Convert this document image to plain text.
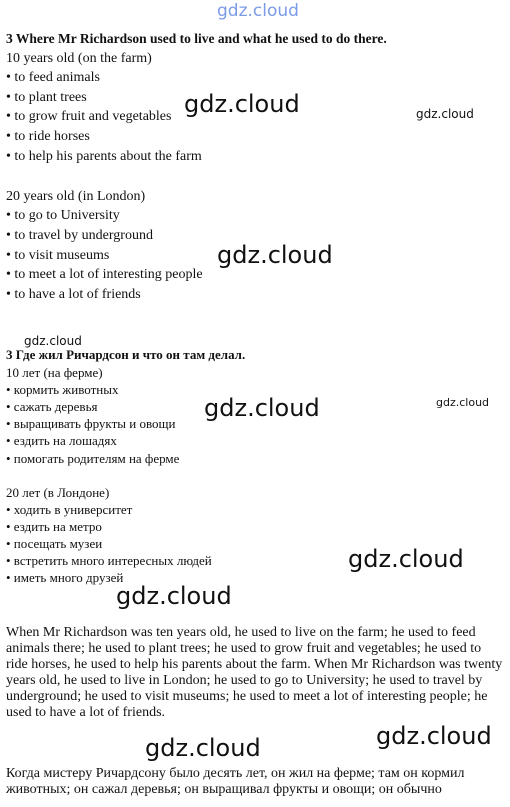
gdz.cloud
3 Where Mr Richardson used to live and what he used to do there.
10 years old (on the farm)
• to feed animals
• to plant trees
• to grow fruit and vegetables
• to ride horses
• to help his parents about the farm
20 years old (in London)
• to go to University
• to travel by underground
• to visit museums
• to meet a lot of interesting people
• to have a lot of friends
3 Где жил Ричардсон и что он там делал.
10 лет (на ферме)
• кормить животных
• сажать деревья
• выращивать фрукты и овощи
• ездить на лошадях
• помогать родителям на ферме
20 лет (в Лондоне)
• ходить в университет
• ездить на метро
• посещать музеи
• встретить много интересных людей
• иметь много друзей
When Mr Richardson was ten years old, he used to live on the farm; he used to feed animals there; he used to plant trees; he used to grow fruit and vegetables; he used to ride horses, he used to help his parents about the farm. When Mr Richardson was twenty years old, he used to live in London; he used to go to University; he used to travel by underground; he used to visit museums; he used to meet a lot of interesting people; he used to have a lot of friends.
Когда мистеру Ричардсону было десять лет, он жил на ферме; там он кормил животных; он сажал деревья; он выращивал фрукты и овощи; он обычно
gdz.cloud	gdz.cloud
gdz.cloud
gdz.cloud
gdz.cloud	gdz.cloud
gdz.cloud
gdz.cloud
gdz.cloud	gdz.cloud
